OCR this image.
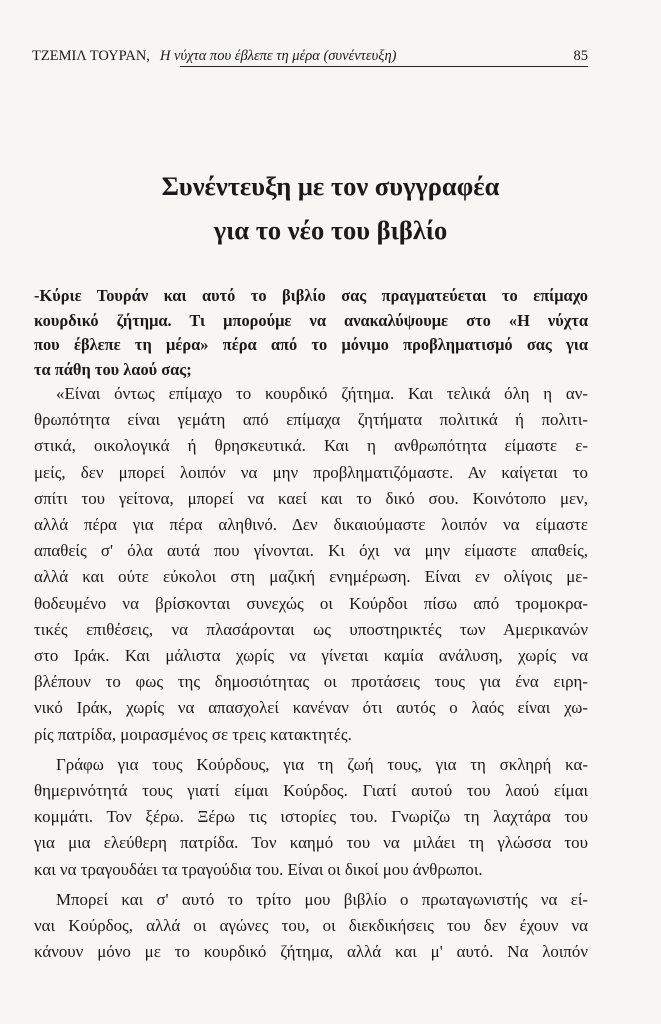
ΤΖΕΜΙΛ ΤΟΥΡΑΝ, Η νύχτα που έβλεπε τη μέρα (συνέντευξη)	85
Συνέντευξη με τον συγγραφέα
για το νέο του βιβλίο
-Κύριε Τουράν και αυτό το βιβλίο σας πραγματεύεται το επίμαχο
κουρδικό ζήτημα. Τι μπορούμε να ανακαλύψουμε στο «Η νύχτα
που έβλεπε τη μέρα» πέρα από το μόνιμο προβληματισμό σας για
τα πάθη του λαού σας;
«Είναι όντως επίμαχο το κουρδικό ζήτημα. Και τελικά όλη η αν-
θρωπότητα είναι γεμάτη από επίμαχα ζητήματα πολιτικά ή πολιτι-
στικά, οικολογικά ή θρησκευτικά. Και η ανθρωπότητα είμαστε ε-
μείς, δεν μπορεί λοιπόν να μην προβληματιζόμαστε. Αν καίγεται το
σπίτι του γείτονα, μπορεί να καεί και το δικό σου. Κοινότοπο μεν,
αλλά πέρα για πέρα αληθινό. Δεν δικαιούμαστε λοιπόν να είμαστε
απαθείς σ' όλα αυτά που γίνονται. Κι όχι να μην είμαστε απαθείς,
αλλά και ούτε εύκολοι στη μαζική ενημέρωση. Είναι εν ολίγοις με-
θοδευμένο να βρίσκονται συνεχώς οι Κούρδοι πίσω από τρομοκρα-
τικές επιθέσεις, να πλασάρονται ως υποστηρικτές των Αμερικανών
στο Ιράκ. Και μάλιστα χωρίς να γίνεται καμία ανάλυση, χωρίς να
βλέπουν το φως της δημοσιότητας οι προτάσεις τους για ένα ειρη-
νικό Ιράκ, χωρίς να απασχολεί κανέναν ότι αυτός ο λαός είναι χω-
ρίς πατρίδα, μοιρασμένος σε τρεις κατακτητές.
Γράφω για τους Κούρδους, για τη ζωή τους, για τη σκληρή κα-
θημερινότητά τους γιατί είμαι Κούρδος. Γιατί αυτού του λαού είμαι
κομμάτι. Τον ξέρω. Ξέρω τις ιστορίες του. Γνωρίζω τη λαχτάρα του
για μια ελεύθερη πατρίδα. Τον καημό του να μιλάει τη γλώσσα του
και να τραγουδάει τα τραγούδια του. Είναι οι δικοί μου άνθρωποι.
Μπορεί και σ' αυτό το τρίτο μου βιβλίο ο πρωταγωνιστής να εί-
ναι Κούρδος, αλλά οι αγώνες του, οι διεκδικήσεις του δεν έχουν να
κάνουν μόνο με το κουρδικό ζήτημα, αλλά και μ' αυτό. Να λοιπόν
